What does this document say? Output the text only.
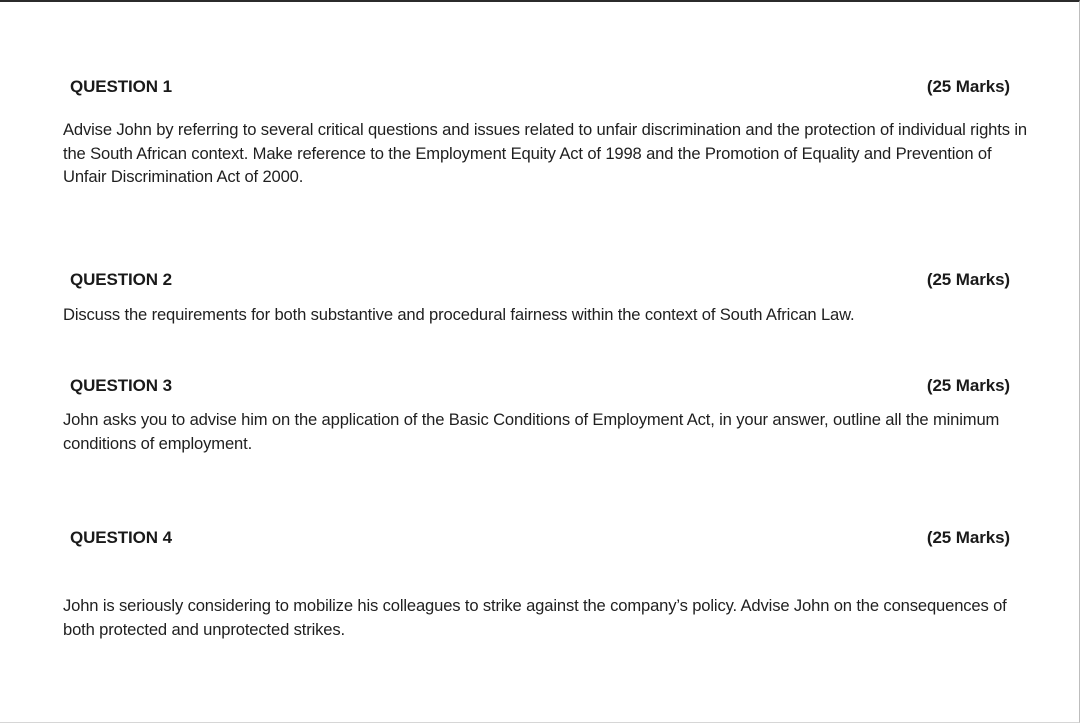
QUESTION 1	(25 Marks)
Advise John by referring to several critical questions and issues related to unfair discrimination and the protection of individual rights in the South African context. Make reference to the Employment Equity Act of 1998 and the Promotion of Equality and Prevention of Unfair Discrimination Act of 2000.
QUESTION 2	(25 Marks)
Discuss the requirements for both substantive and procedural fairness within the context of South African Law.
QUESTION 3	(25 Marks)
John asks you to advise him on the application of the Basic Conditions of Employment Act, in your answer, outline all the minimum conditions of employment.
QUESTION 4	(25 Marks)
John is seriously considering to mobilize his colleagues to strike against the company’s policy. Advise John on the consequences of both protected and unprotected strikes.
